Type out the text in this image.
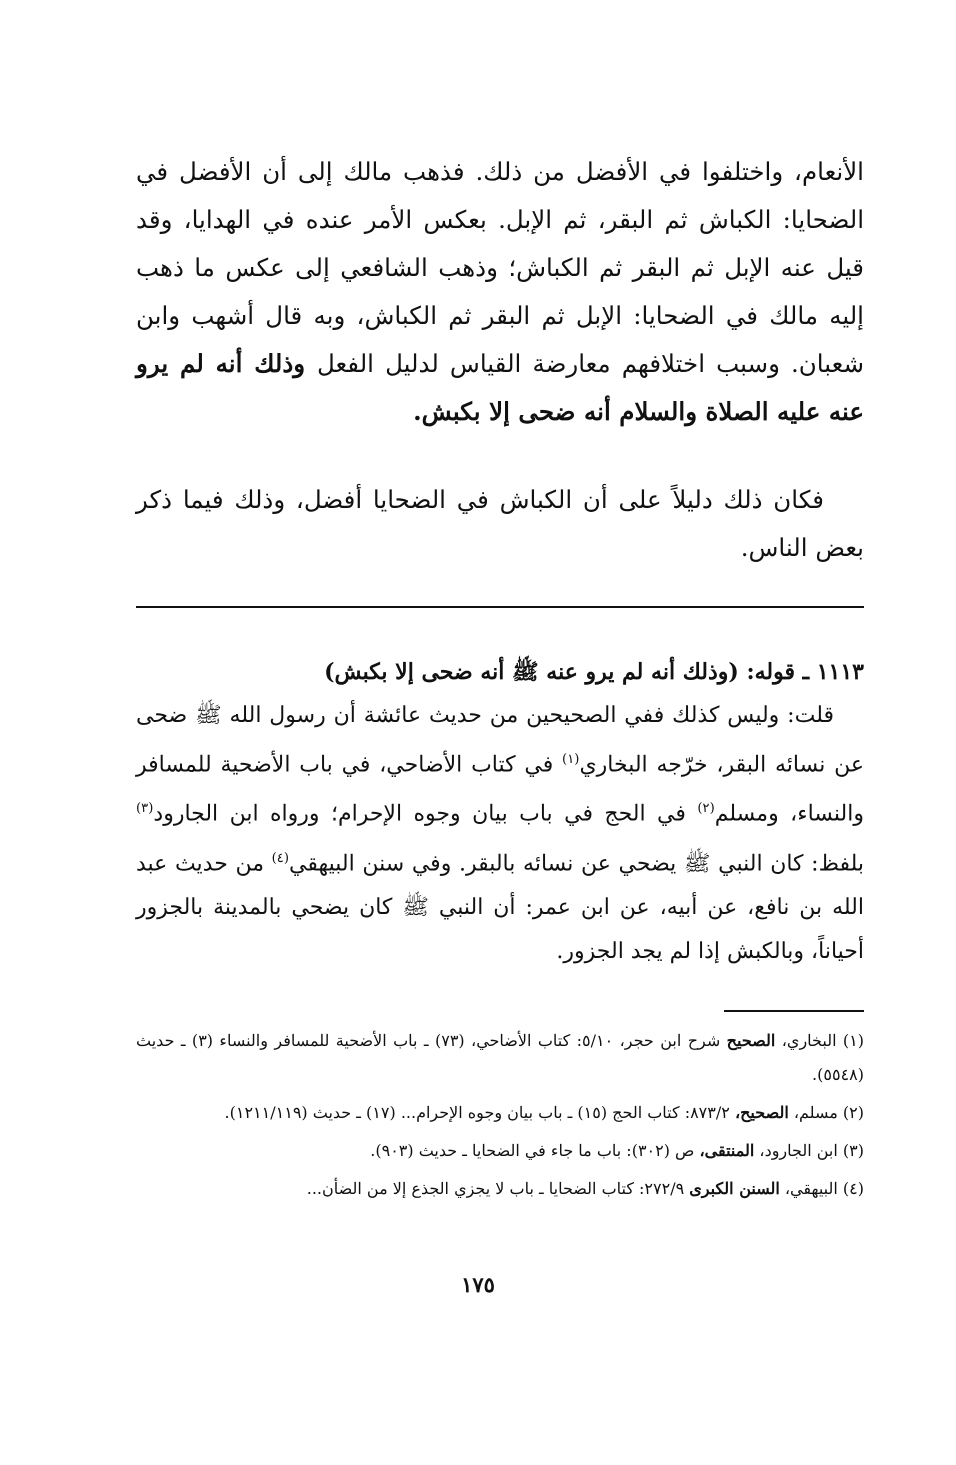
الأنعام، واختلفوا في الأفضل من ذلك. فذهب مالك إلى أن الأفضل في الضحايا: الكباش ثم البقر، ثم الإبل. بعكس الأمر عنده في الهدايا، وقد قيل عنه الإبل ثم البقر ثم الكباش؛ وذهب الشافعي إلى عكس ما ذهب إليه مالك في الضحايا: الإبل ثم البقر ثم الكباش، وبه قال أشهب وابن شعبان. وسبب اختلافهم معارضة القياس لدليل الفعل وذلك أنه لم يرو عنه عليه الصلاة والسلام أنه ضحى إلا بكبش.

فكان ذلك دليلاً على أن الكباش في الضحايا أفضل، وذلك فيما ذكر بعض الناس.

١١١٣ ـ قوله: (وذلك أنه لم يرو عنه ﷺ أنه ضحى إلا بكبش)

قلت: وليس كذلك ففي الصحيحين من حديث عائشة أن رسول الله ﷺ ضحى عن نسائه البقر، خرّجه البخاري$^{(١)}$ في كتاب الأضاحي، في باب الأضحية للمسافر والنساء، ومسلم$^{(٢)}$ في الحج في باب بيان وجوه الإحرام؛ ورواه ابن الجارود$^{(٣)}$ بلفظ: كان النبي ﷺ يضحي عن نسائه بالبقر. وفي سنن البيهقي$^{(٤)}$ من حديث عبد الله بن نافع، عن أبيه، عن ابن عمر: أن النبي ﷺ كان يضحي بالمدينة بالجزور أحياناً، وبالكبش إذا لم يجد الجزور.

(١) البخاري، الصحيح شرح ابن حجر، ٥/١٠: كتاب الأضاحي، (٧٣) ـ باب الأضحية للمسافر والنساء (٣) ـ حديث (٥٥٤٨).

(٢) مسلم، الصحيح، ٨٧٣/٢: كتاب الحج (١٥) ـ باب بيان وجوه الإحرام... (١٧) ـ حديث (١٢١١/١١٩).

(٣) ابن الجارود، المنتقى، ص (٣٠٢): باب ما جاء في الضحايا ـ حديث (٩٠٣).

(٤) البيهقي، السنن الكبرى ٢٧٢/٩: كتاب الضحايا ـ باب لا يجزي الجذع إلا من الضأن...

١٧٥
